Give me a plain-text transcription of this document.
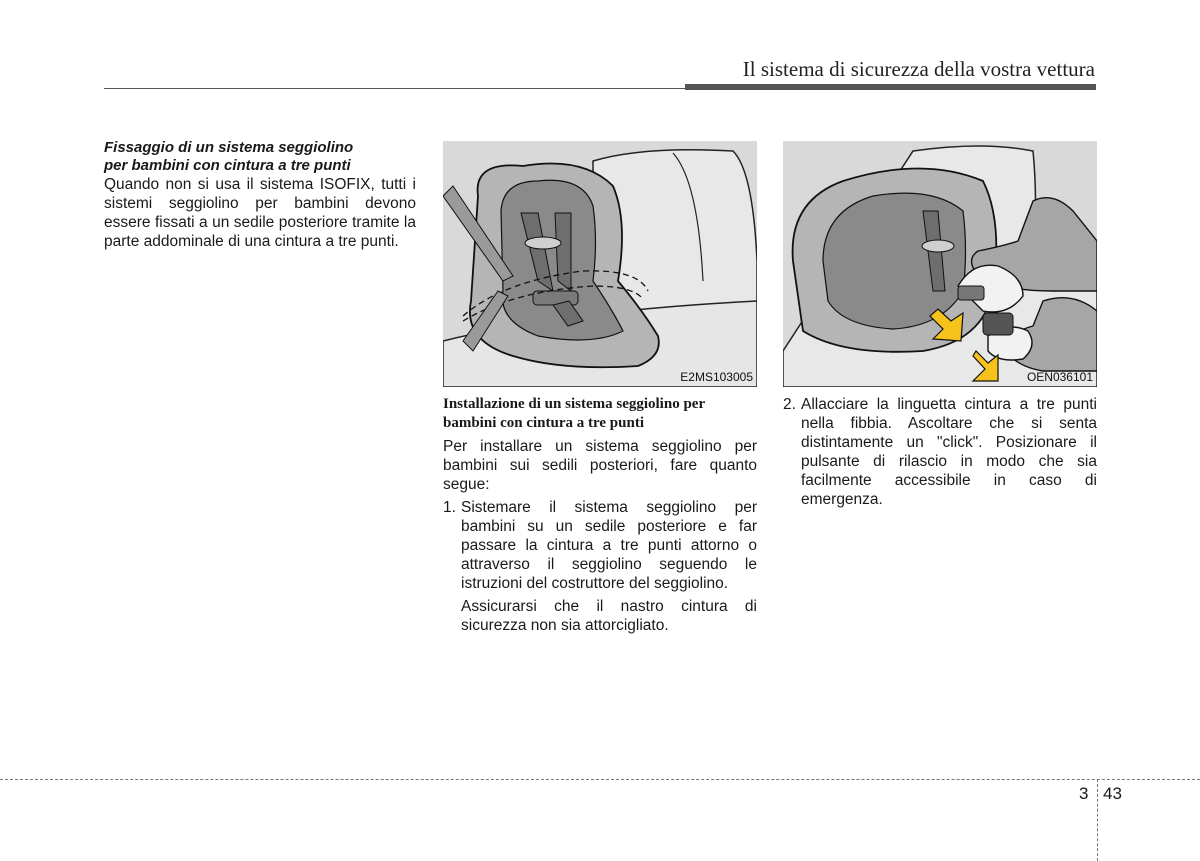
Il sistema di sicurezza della vostra vettura

Fissaggio di un sistema seggiolino

per bambini con cintura a tre punti

Quando non si usa il sistema ISOFIX, tutti i sistemi seggiolino per bambini devono essere fissati a un sedile posteriore tramite la parte addominale di una cintura a tre punti.

E2MS103005	OEN036101

Installazione di un sistema seggiolino per bambini con cintura a tre punti

Per installare un sistema seggiolino per bambini sui sedili posteriori, fare quanto segue:

1. Sistemare il sistema seggiolino per bambini su un sedile posteriore e far passare la cintura a tre punti attorno o attraverso il seggiolino seguendo le istruzioni del costruttore del seggiolino.

Assicurarsi che il nastro cintura di sicurezza non sia attorcigliato.

2. Allacciare la linguetta cintura a tre punti nella fibbia. Ascoltare che si senta distintamente un "click". Posizionare il pulsante di rilascio in modo che sia facilmente accessibile in caso di emergenza.
3 43
